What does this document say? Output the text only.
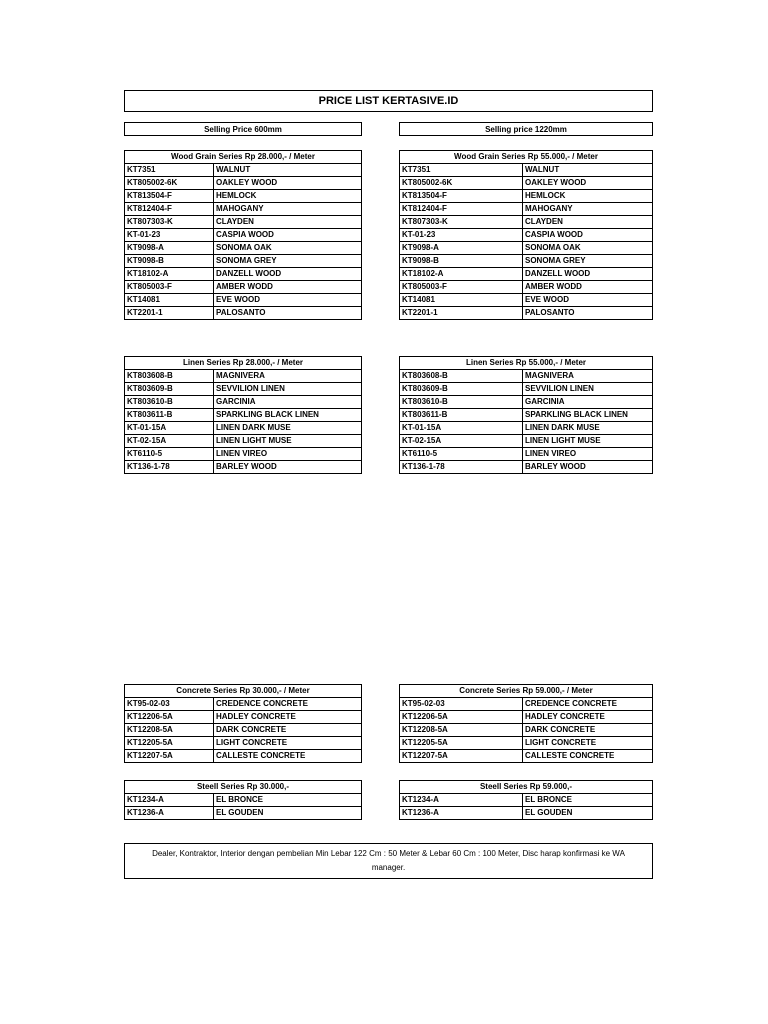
PRICE LIST KERTASIVE.ID
Selling Price 600mm	Selling price 1220mm
Wood Grain Series Rp 28.000,- / Meter	
KT7351	WALNUT
KT805002-6K	OAKLEY WOOD
KT813504-F	HEMLOCK
KT812404-F	MAHOGANY
KT807303-K	CLAYDEN
KT-01-23	CASPIA WOOD
KT9098-A	SONOMA OAK
KT9098-B	SONOMA GREY
KT18102-A	DANZELL WOOD
KT805003-F	AMBER WODD
KT14081	EVE WOOD
KT2201-1	PALOSANTO
Wood Grain Series Rp 55.000,- / Meter	
KT7351	WALNUT
KT805002-6K	OAKLEY WOOD
KT813504-F	HEMLOCK
KT812404-F	MAHOGANY
KT807303-K	CLAYDEN
KT-01-23	CASPIA WOOD
KT9098-A	SONOMA OAK
KT9098-B	SONOMA GREY
KT18102-A	DANZELL WOOD
KT805003-F	AMBER WODD
KT14081	EVE WOOD
KT2201-1	PALOSANTO
Linen Series Rp 28.000,- / Meter	
KT803608-B	MAGNIVERA
KT803609-B	SEVVILION LINEN
KT803610-B	GARCINIA
KT803611-B	SPARKLING BLACK LINEN
KT-01-15A	LINEN DARK MUSE
KT-02-15A	LINEN LIGHT MUSE
KT6110-5	LINEN VIREO
KT136-1-78	BARLEY WOOD
Linen Series Rp 55.000,- / Meter	
KT803608-B	MAGNIVERA
KT803609-B	SEVVILION LINEN
KT803610-B	GARCINIA
KT803611-B	SPARKLING BLACK LINEN
KT-01-15A	LINEN DARK MUSE
KT-02-15A	LINEN LIGHT MUSE
KT6110-5	LINEN VIREO
KT136-1-78	BARLEY WOOD
Concrete Series Rp 30.000,- / Meter	
KT95-02-03	CREDENCE CONCRETE
KT12206-5A	HADLEY CONCRETE
KT12208-5A	DARK CONCRETE
KT12205-5A	LIGHT CONCRETE
KT12207-5A	CALLESTE CONCRETE
Concrete Series Rp 59.000,- / Meter	
KT95-02-03	CREDENCE CONCRETE
KT12206-5A	HADLEY CONCRETE
KT12208-5A	DARK CONCRETE
KT12205-5A	LIGHT CONCRETE
KT12207-5A	CALLESTE CONCRETE
Steell Series Rp 30.000,-	
KT1234-A	EL BRONCE
KT1236-A	EL GOUDEN
Steell Series Rp 59.000,-	
KT1234-A	EL BRONCE
KT1236-A	EL GOUDEN
Dealer, Kontraktor, Interior dengan pembelian Min Lebar 122 Cm : 50 Meter & Lebar 60 Cm : 100 Meter, Disc harap konfirmasi ke WA manager.
